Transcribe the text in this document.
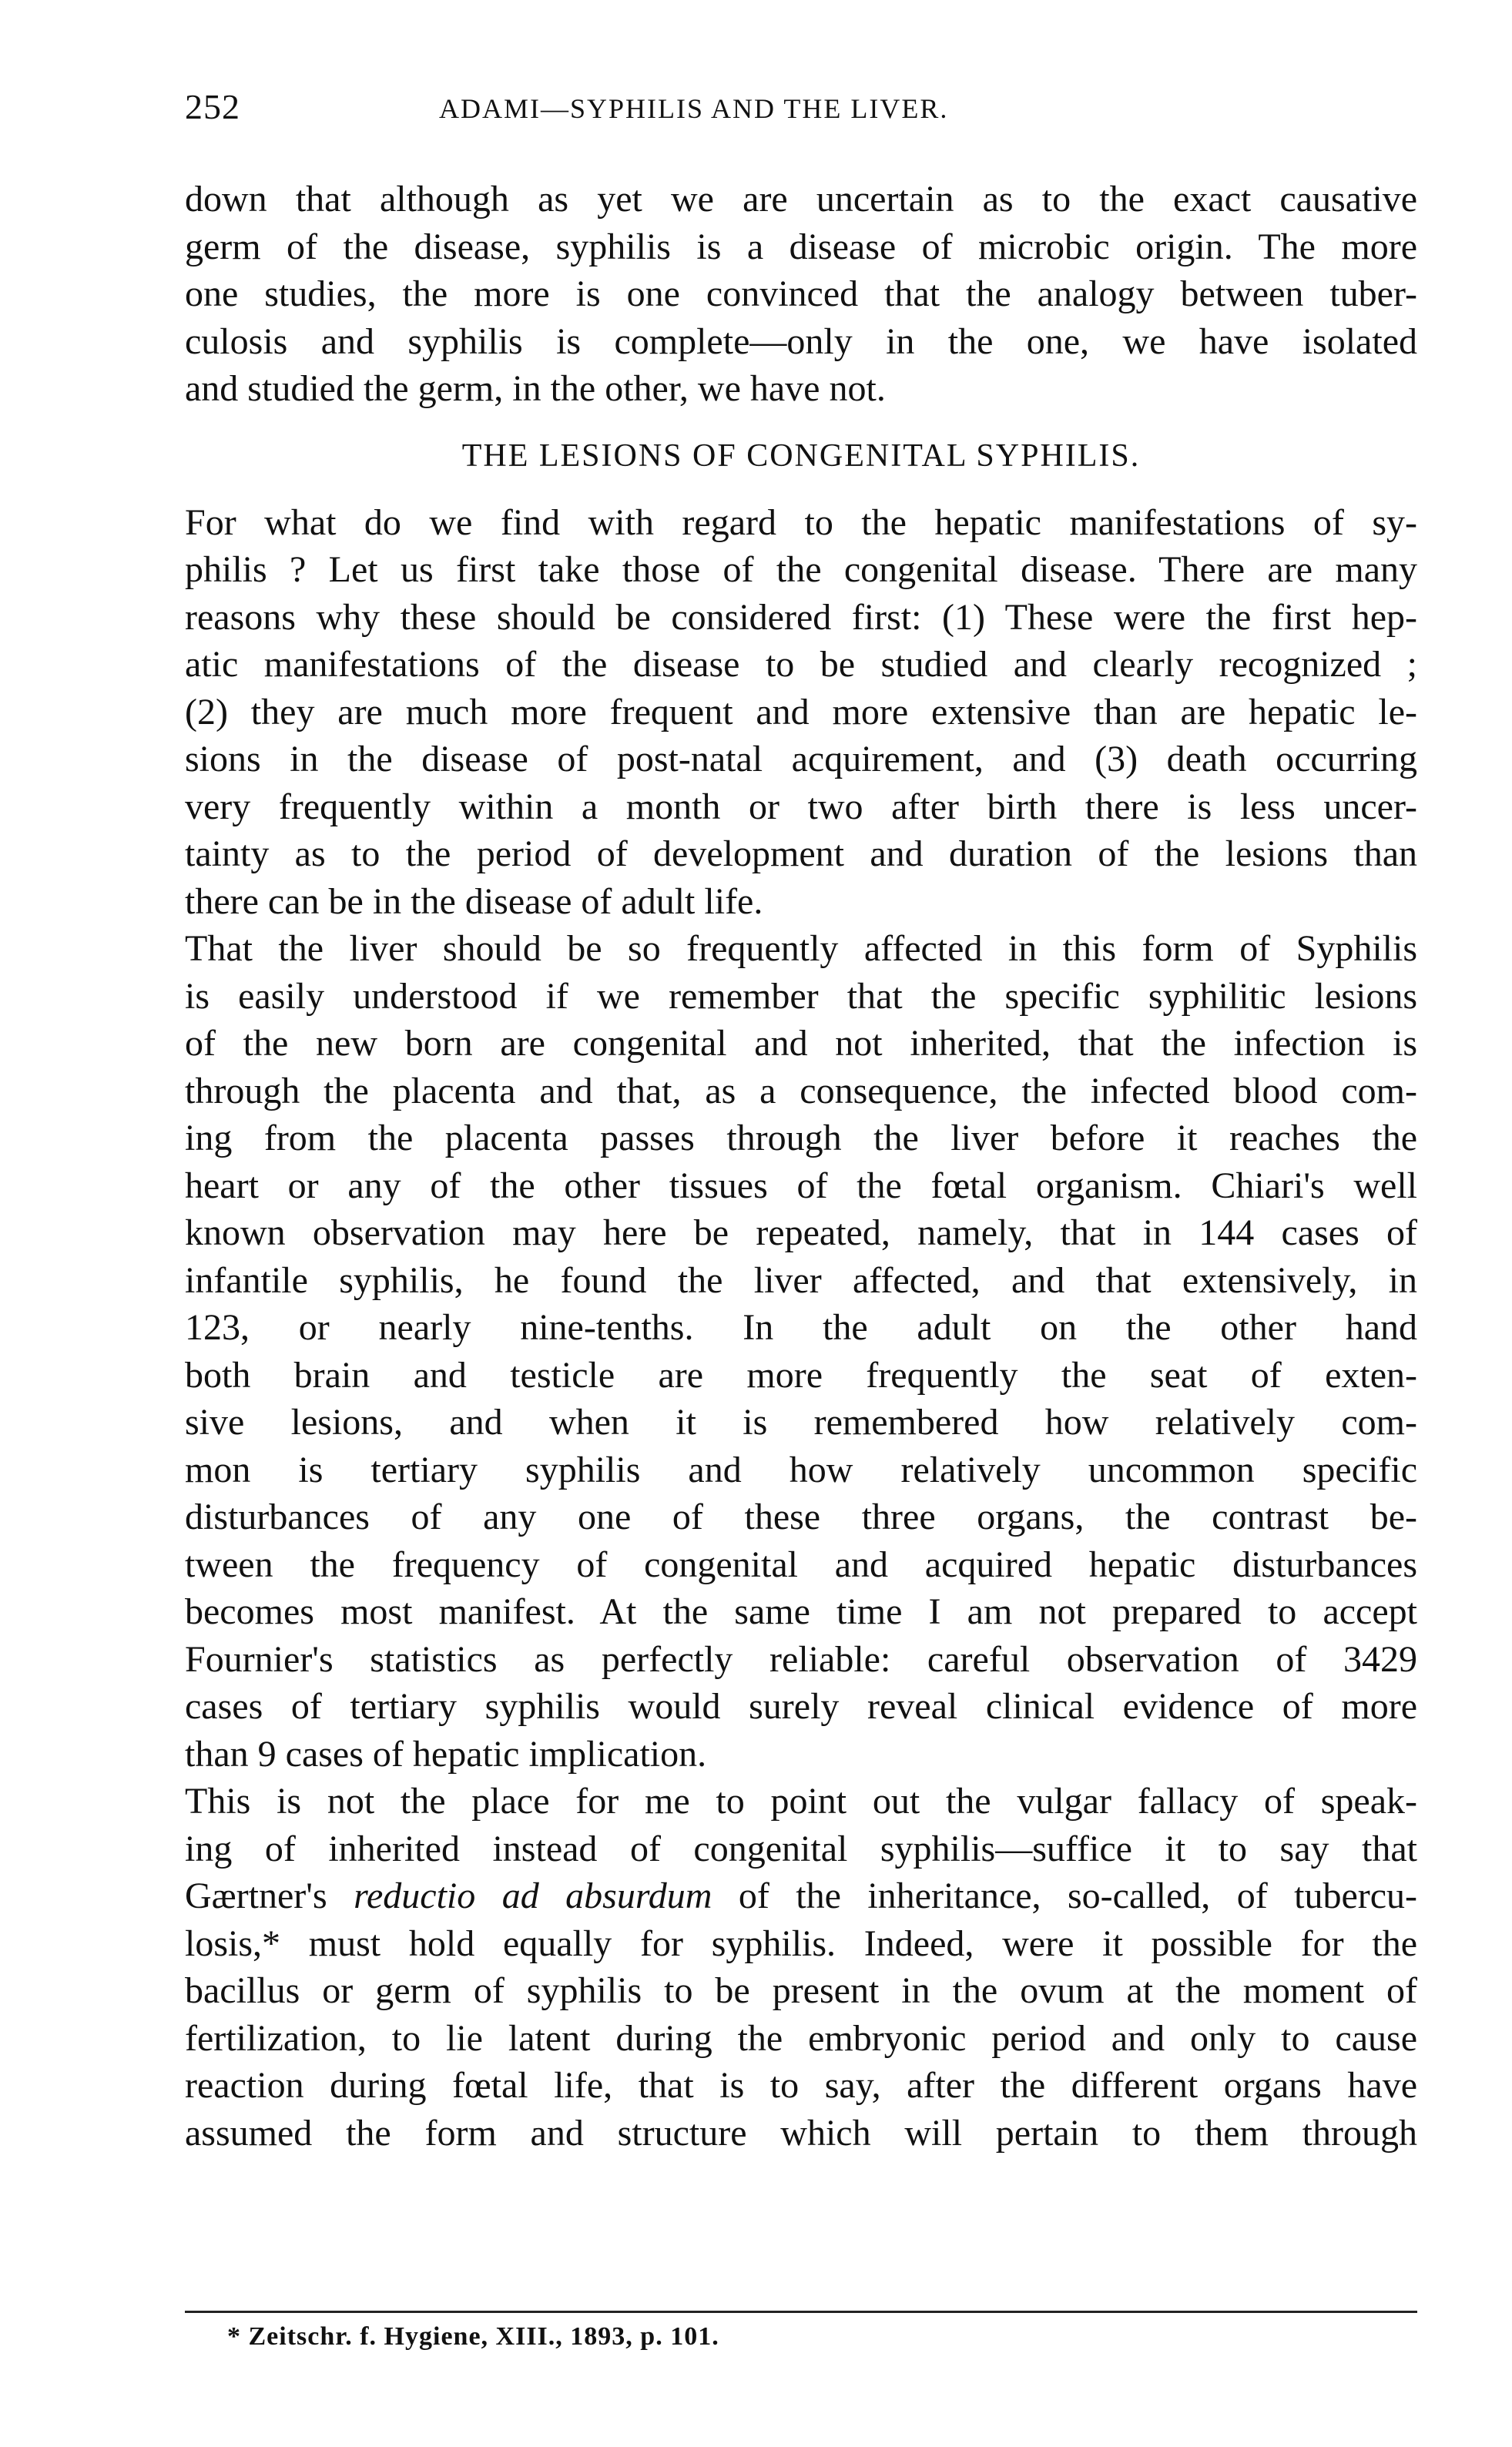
252	ADAMI—SYPHILIS AND THE LIVER.
down that although as yet we are uncertain as to the exact causative
germ of the disease, syphilis is a disease of microbic origin. The more
one studies, the more is one convinced that the analogy between tuber-
culosis and syphilis is complete—only in the one, we have isolated
and studied the germ, in the other, we have not.
THE LESIONS OF CONGENITAL SYPHILIS.
For what do we find with regard to the hepatic manifestations of sy-
philis ? Let us first take those of the congenital disease. There are many
reasons why these should be considered first: (1) These were the first hep-
atic manifestations of the disease to be studied and clearly recognized ;
(2) they are much more frequent and more extensive than are hepatic le-
sions in the disease of post-natal acquirement, and (3) death occurring
very frequently within a month or two after birth there is less uncer-
tainty as to the period of development and duration of the lesions than
there can be in the disease of adult life.
That the liver should be so frequently affected in this form of Syphilis
is easily understood if we remember that the specific syphilitic lesions
of the new born are congenital and not inherited, that the infection is
through the placenta and that, as a consequence, the infected blood com-
ing from the placenta passes through the liver before it reaches the
heart or any of the other tissues of the fœtal organism. Chiari's well
known observation may here be repeated, namely, that in 144 cases of
infantile syphilis, he found the liver affected, and that extensively, in
123, or nearly nine-tenths. In the adult on the other hand
both brain and testicle are more frequently the seat of exten-
sive lesions, and when it is remembered how relatively com-
mon is tertiary syphilis and how relatively uncommon specific
disturbances of any one of these three organs, the contrast be-
tween the frequency of congenital and acquired hepatic disturbances
becomes most manifest. At the same time I am not prepared to accept
Fournier's statistics as perfectly reliable: careful observation of 3429
cases of tertiary syphilis would surely reveal clinical evidence of more
than 9 cases of hepatic implication.
This is not the place for me to point out the vulgar fallacy of speak-
ing of inherited instead of congenital syphilis—suffice it to say that
Gærtner's reductio ad absurdum of the inheritance, so-called, of tubercu-
losis,* must hold equally for syphilis. Indeed, were it possible for the
bacillus or germ of syphilis to be present in the ovum at the moment of
fertilization, to lie latent during the embryonic period and only to cause
reaction during fœtal life, that is to say, after the different organs have
assumed the form and structure which will pertain to them through
* Zeitschr. f. Hygiene, XIII., 1893, p. 101.
